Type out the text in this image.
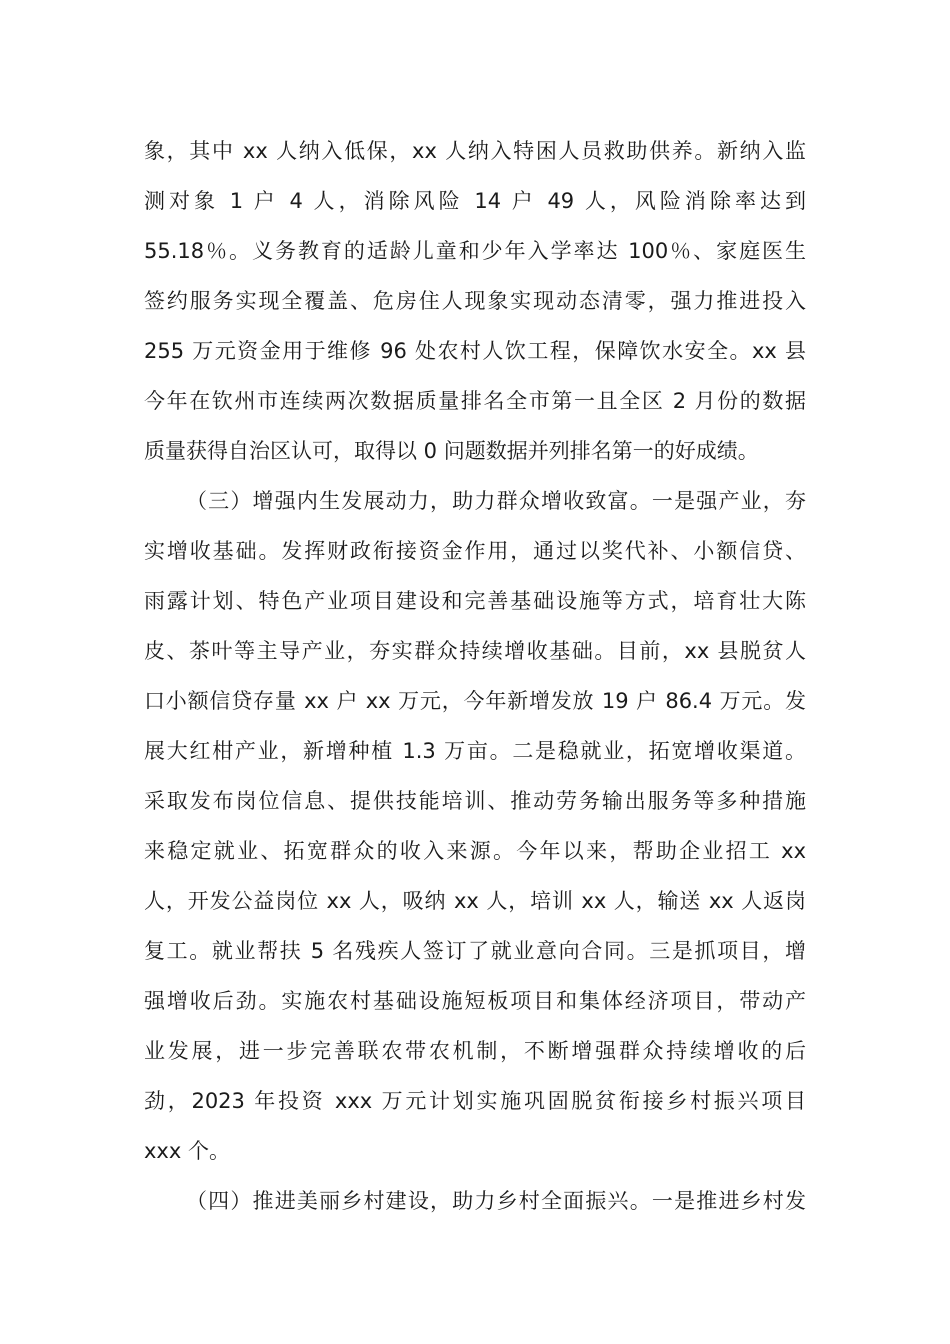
象，其中 xx 人纳入低保，xx 人纳入特困人员救助供养。新纳入监
测对象 1 户 4 人，消除风险 14 户 49 人，风险消除率达到
55.18％。义务教育的适龄儿童和少年入学率达 100％、家庭医生
签约服务实现全覆盖、危房住人现象实现动态清零，强力推进投入
255 万元资金用于维修 96 处农村人饮工程，保障饮水安全。xx 县
今年在钦州市连续两次数据质量排名全市第一且全区 2 月份的数据
质量获得自治区认可，取得以 0 问题数据并列排名第一的好成绩。
（三）增强内生发展动力，助力群众增收致富。一是强产业，夯
实增收基础。发挥财政衔接资金作用，通过以奖代补、小额信贷、
雨露计划、特色产业项目建设和完善基础设施等方式，培育壮大陈
皮、茶叶等主导产业，夯实群众持续增收基础。目前，xx 县脱贫人
口小额信贷存量 xx 户 xx 万元，今年新增发放 19 户 86.4 万元。发
展大红柑产业，新增种植 1.3 万亩。二是稳就业，拓宽增收渠道。
采取发布岗位信息、提供技能培训、推动劳务输出服务等多种措施
来稳定就业、拓宽群众的收入来源。今年以来，帮助企业招工 xx
人，开发公益岗位 xx 人，吸纳 xx 人，培训 xx 人，输送 xx 人返岗
复工。就业帮扶 5 名残疾人签订了就业意向合同。三是抓项目，增
强增收后劲。实施农村基础设施短板项目和集体经济项目，带动产
业发展，进一步完善联农带农机制，不断增强群众持续增收的后
劲，2023 年投资 xxx 万元计划实施巩固脱贫衔接乡村振兴项目
xxx 个。
（四）推进美丽乡村建设，助力乡村全面振兴。一是推进乡村发
